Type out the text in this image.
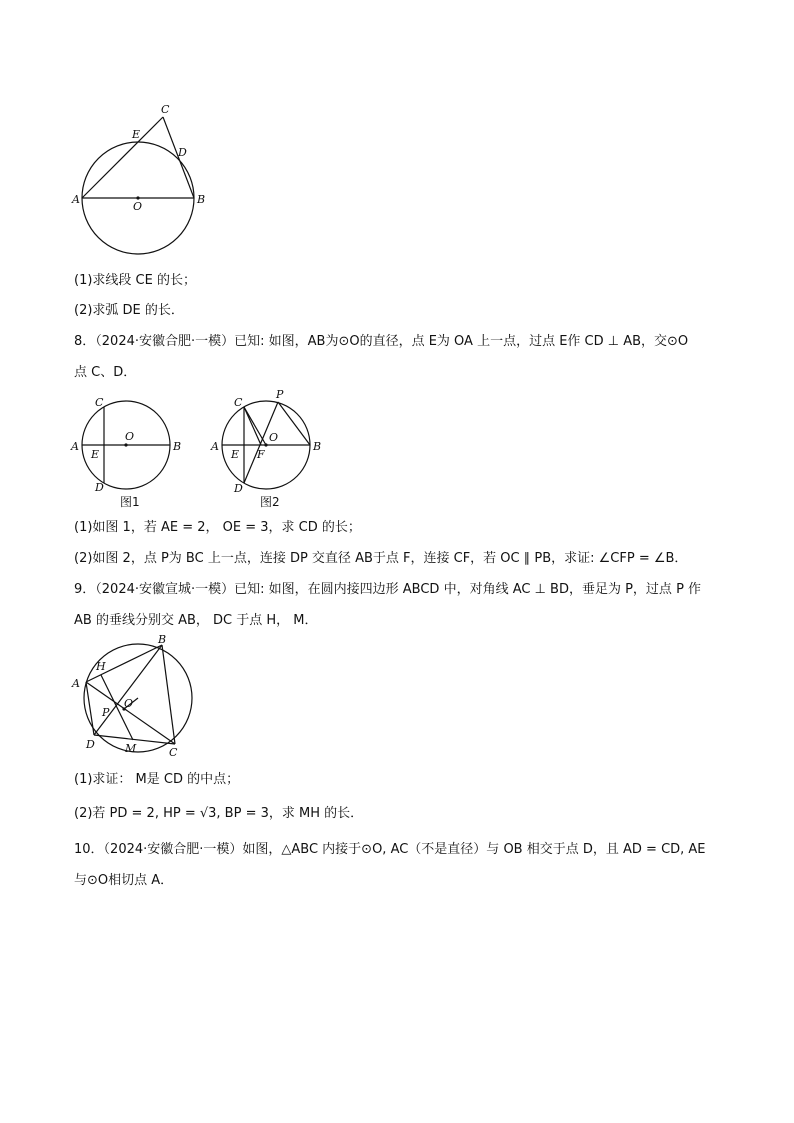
A	B
C
D
E
O
(1)求线段 CE 的长；
(2)求弧 DE 的长．
8．（2024·安徽合肥·一模）已知: 如图，AB为⊙O的直径，点 E为 OA 上一点，过点 E作 CD ⊥ AB，交⊙O
点 C、D．
A	B
C
D
E
O
图1
A	B
C
D
E
O
F
P
图2
(1)如图 1，若 AE = 2， OE = 3，求 CD 的长；
(2)如图 2，点 P为 BC 上一点，连接 DP 交直径 AB于点 F，连接 CF，若 OC ∥ PB，求证: ∠CFP = ∠B．
9．（2024·安徽宣城·一模）已知: 如图，在圆内接四边形 ABCD 中，对角线 AC ⊥ BD，垂足为 P，过点 P 作
AB 的垂线分别交 AB， DC 于点 H， M．
A
B
C
D
H
O
P
M
(1)求证： M是 CD 的中点；
(2)若 PD = 2, HP = √3, BP = 3，求 MH 的长．
10．（2024·安徽合肥·一模）如图，△ABC 内接于⊙O, AC（不是直径）与 OB 相交于点 D，且 AD = CD, AE
与⊙O相切点 A．
